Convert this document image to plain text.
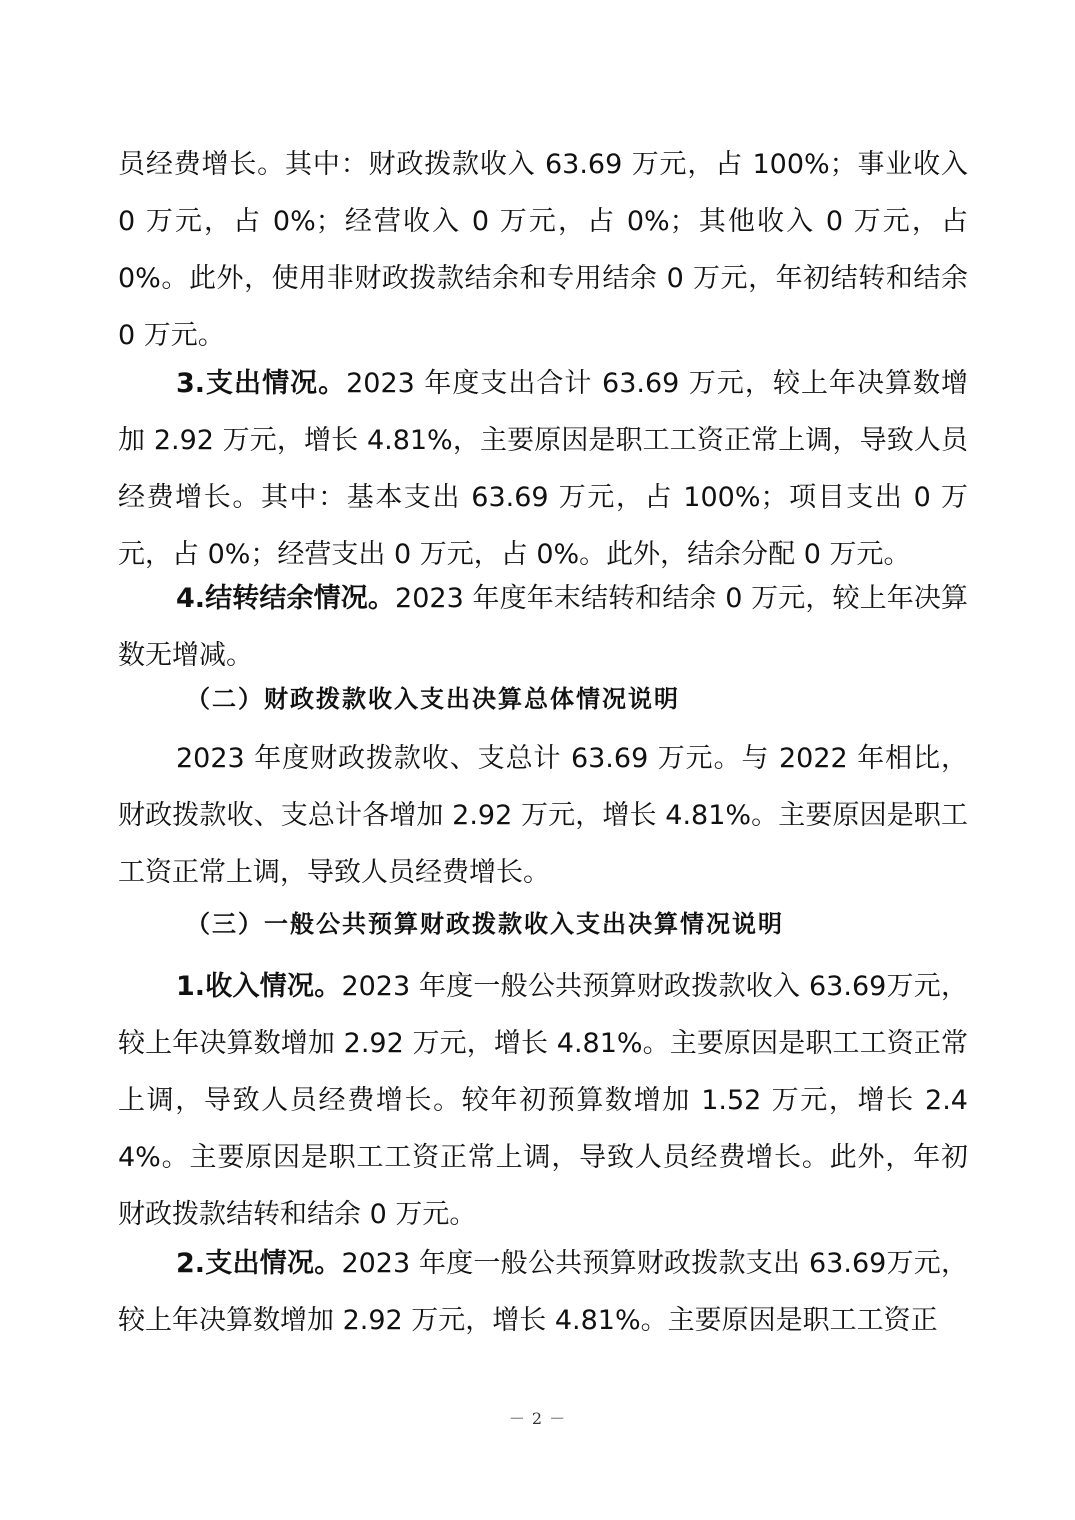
员经费增长。其中：财政拨款收入 63.69 万元，占 100%；事业收入 0 万元，占 0%；经营收入 0 万元，占 0%；其他收入 0 万元，占 0%。此外，使用非财政拨款结余和专用结余 0 万元，年初结转和结余 0 万元。

3.支出情况。2023 年度支出合计 63.69 万元，较上年决算数增加 2.92 万元，增长 4.81%，主要原因是职工工资正常上调，导致人员经费增长。其中：基本支出 63.69 万元，占 100%；项目支出 0 万元，占 0%；经营支出 0 万元，占 0%。此外，结余分配 0 万元。

4.结转结余情况。2023 年度年末结转和结余 0 万元，较上年决算数无增减。

（二）财政拨款收入支出决算总体情况说明

2023 年度财政拨款收、支总计 63.69 万元。与 2022 年相比，财政拨款收、支总计各增加 2.92 万元，增长 4.81%。主要原因是职工工资正常上调，导致人员经费增长。

（三）一般公共预算财政拨款收入支出决算情况说明

1.收入情况。2023 年度一般公共预算财政拨款收入 63.69万元，较上年决算数增加 2.92 万元，增长 4.81%。主要原因是职工工资正常上调，导致人员经费增长。较年初预算数增加 1.52 万元，增长 2.44%。主要原因是职工工资正常上调，导致人员经费增长。此外，年初财政拨款结转和结余 0 万元。

2.支出情况。2023 年度一般公共预算财政拨款支出 63.69万元，较上年决算数增加 2.92 万元，增长 4.81%。主要原因是职工工资正

－ 2 －
